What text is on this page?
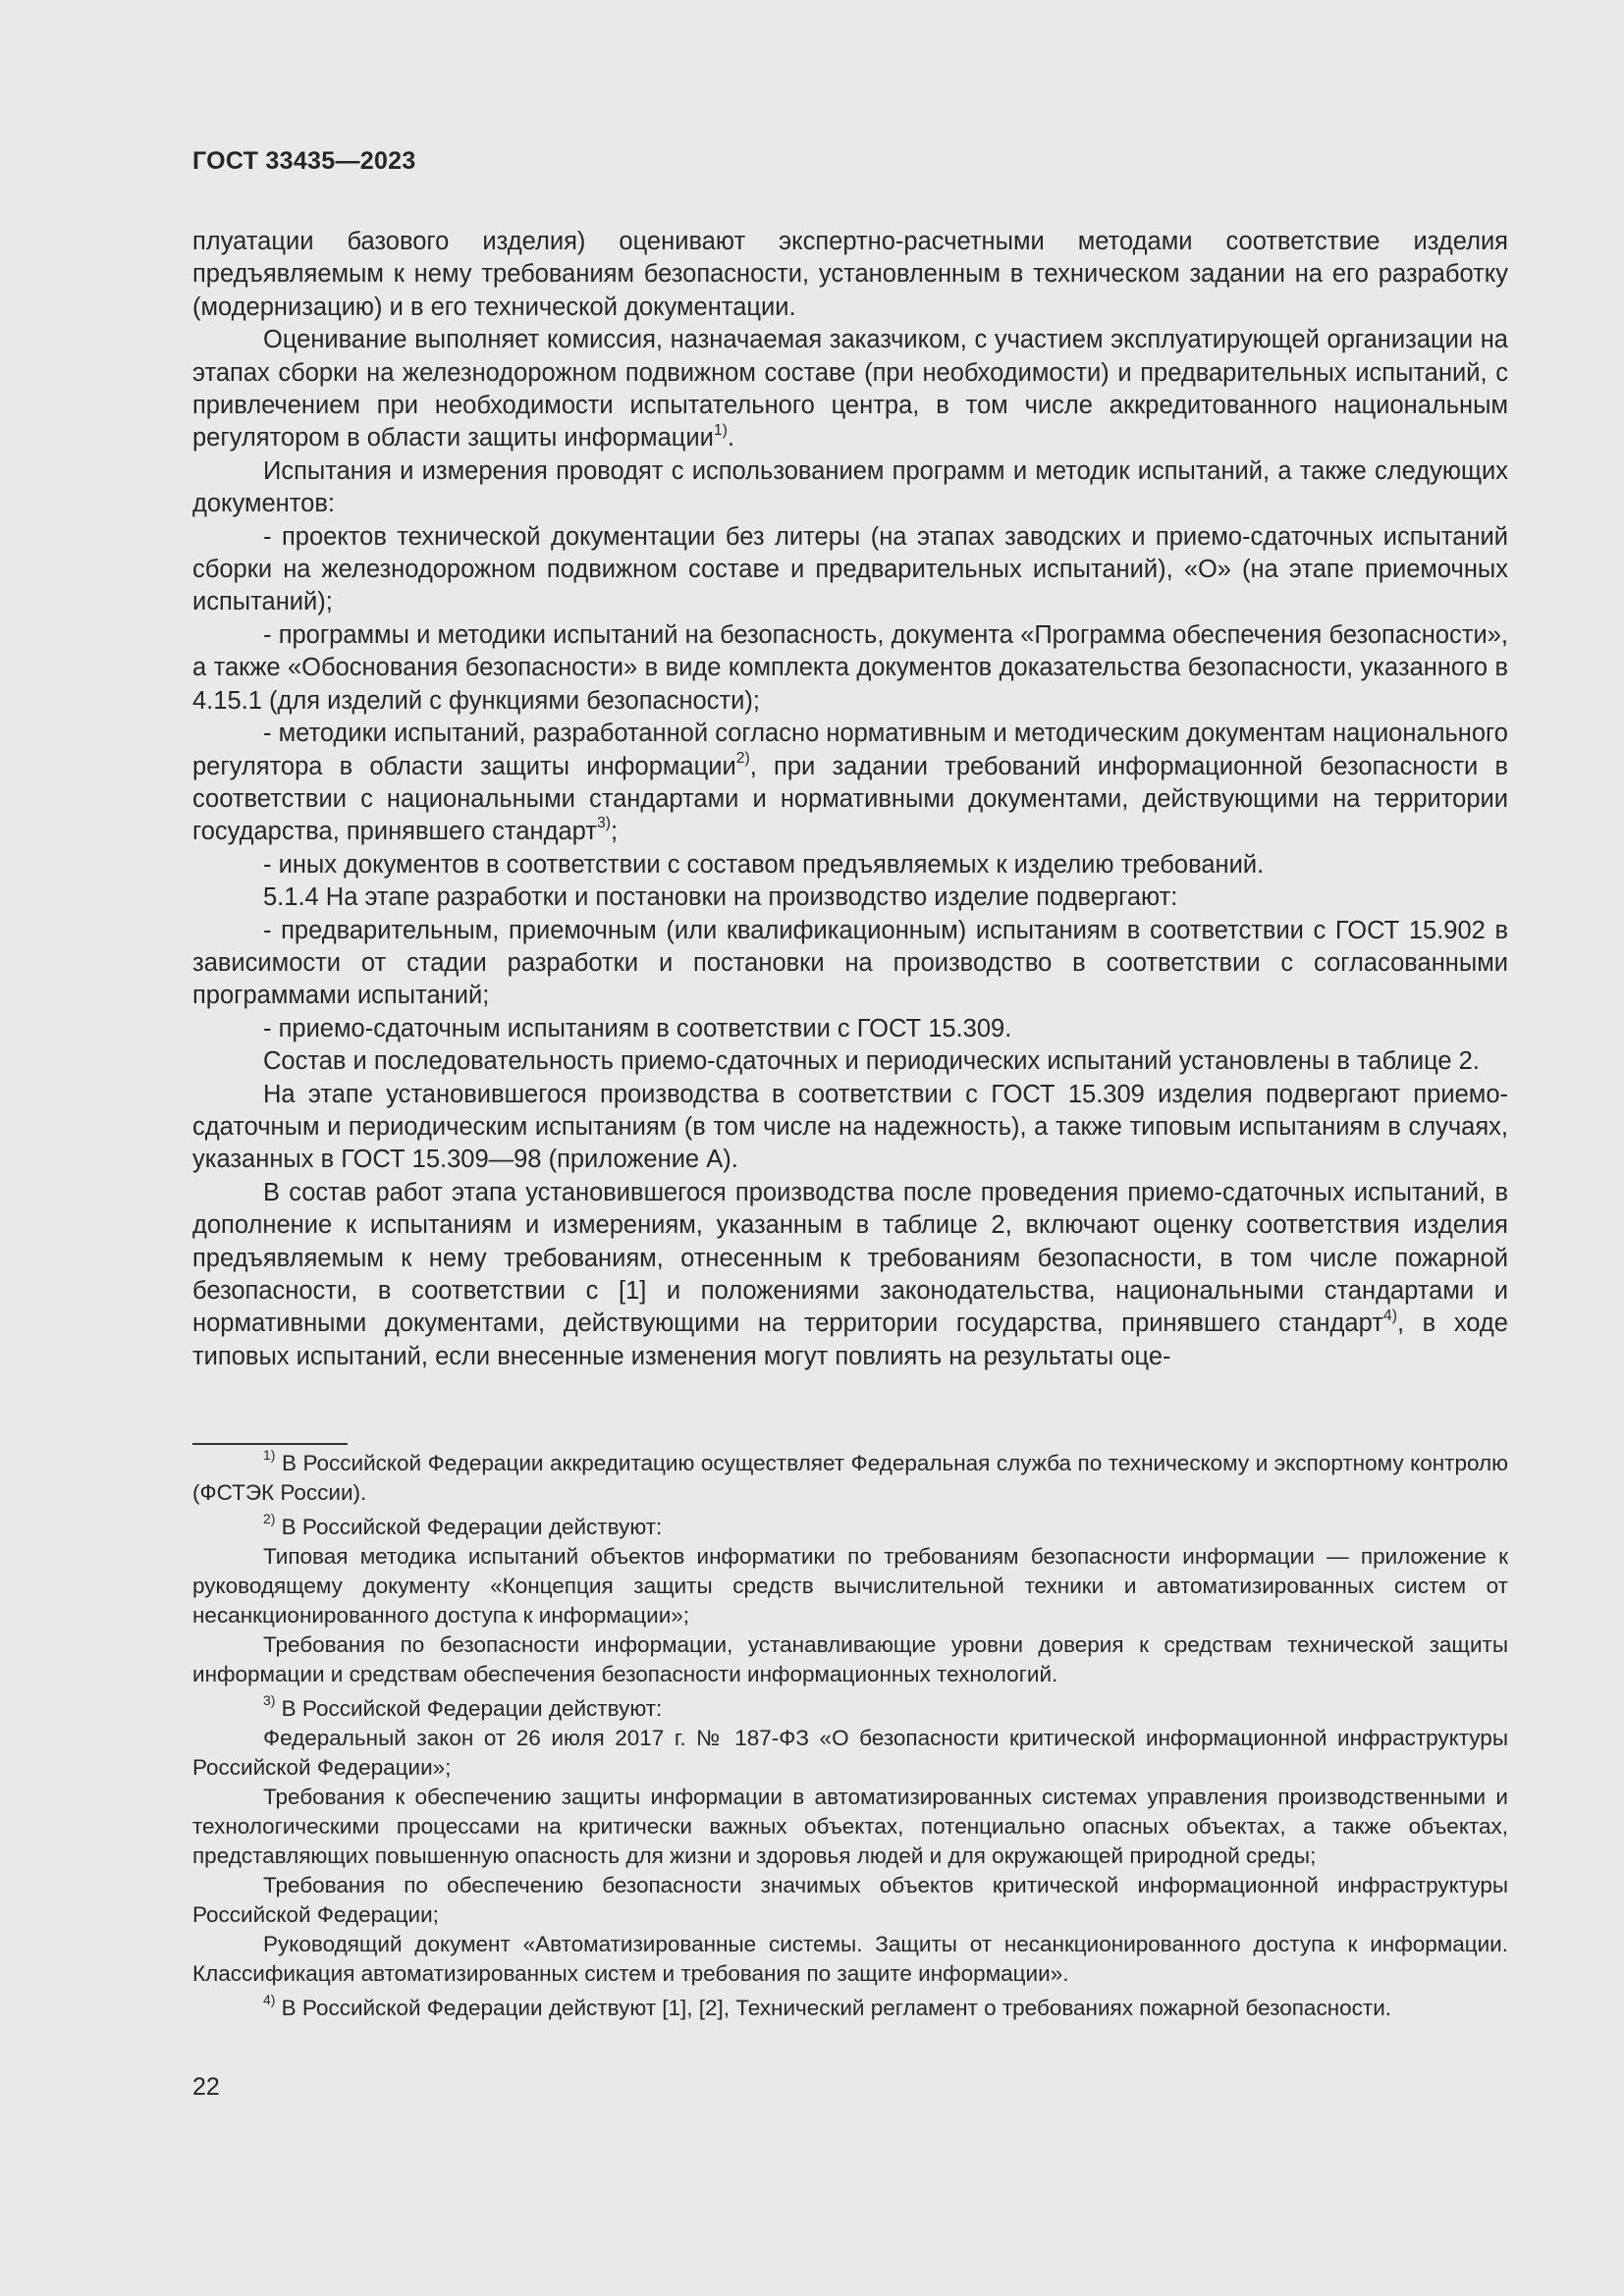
ГОСТ 33435—2023

плуатации базового изделия) оценивают экспертно-расчетными методами соответствие изделия предъявляемым к нему требованиям безопасности, установленным в техническом задании на его разработку (модернизацию) и в его технической документации.

Оценивание выполняет комиссия, назначаемая заказчиком, с участием эксплуатирующей организации на этапах сборки на железнодорожном подвижном составе (при необходимости) и предварительных испытаний, с привлечением при необходимости испытательного центра, в том числе аккредитованного национальным регулятором в области защиты информации$^{1)}$.

Испытания и измерения проводят с использованием программ и методик испытаний, а также следующих документов:

- проектов технической документации без литеры (на этапах заводских и приемо-сдаточных испытаний сборки на железнодорожном подвижном составе и предварительных испытаний), «О» (на этапе приемочных испытаний);

- программы и методики испытаний на безопасность, документа «Программа обеспечения безопасности», а также «Обоснования безопасности» в виде комплекта документов доказательства безопасности, указанного в 4.15.1 (для изделий с функциями безопасности);

- методики испытаний, разработанной согласно нормативным и методическим документам национального регулятора в области защиты информации$^{2)}$, при задании требований информационной безопасности в соответствии с национальными стандартами и нормативными документами, действующими на территории государства, принявшего стандарт$^{3)}$;

- иных документов в соответствии с составом предъявляемых к изделию требований.

5.1.4 На этапе разработки и постановки на производство изделие подвергают:

- предварительным, приемочным (или квалификационным) испытаниям в соответствии с ГОСТ 15.902 в зависимости от стадии разработки и постановки на производство в соответствии с согласованными программами испытаний;

- приемо-сдаточным испытаниям в соответствии с ГОСТ 15.309.

Состав и последовательность приемо-сдаточных и периодических испытаний установлены в таблице 2.

На этапе установившегося производства в соответствии с ГОСТ 15.309 изделия подвергают приемо-сдаточным и периодическим испытаниям (в том числе на надежность), а также типовым испытаниям в случаях, указанных в ГОСТ 15.309—98 (приложение А).

В состав работ этапа установившегося производства после проведения приемо-сдаточных испытаний, в дополнение к испытаниям и измерениям, указанным в таблице 2, включают оценку соответствия изделия предъявляемым к нему требованиям, отнесенным к требованиям безопасности, в том числе пожарной безопасности, в соответствии с [1] и положениями законодательства, национальными стандартами и нормативными документами, действующими на территории государства, принявшего стандарт$^{4)}$, в ходе типовых испытаний, если внесенные изменения могут повлиять на результаты оце-

$^{1)}$ В Российской Федерации аккредитацию осуществляет Федеральная служба по техническому и экспортному контролю (ФСТЭК России).

$^{2)}$ В Российской Федерации действуют:

Типовая методика испытаний объектов информатики по требованиям безопасности информации — приложение к руководящему документу «Концепция защиты средств вычислительной техники и автоматизированных систем от несанкционированного доступа к информации»;

Требования по безопасности информации, устанавливающие уровни доверия к средствам технической защиты информации и средствам обеспечения безопасности информационных технологий.

$^{3)}$ В Российской Федерации действуют:

Федеральный закон от 26 июля 2017 г. № 187-ФЗ «О безопасности критической информационной инфраструктуры Российской Федерации»;

Требования к обеспечению защиты информации в автоматизированных системах управления производственными и технологическими процессами на критически важных объектах, потенциально опасных объектах, а также объектах, представляющих повышенную опасность для жизни и здоровья людей и для окружающей природной среды;

Требования по обеспечению безопасности значимых объектов критической информационной инфраструктуры Российской Федерации;

Руководящий документ «Автоматизированные системы. Защиты от несанкционированного доступа к информации. Классификация автоматизированных систем и требования по защите информации».

$^{4)}$ В Российской Федерации действуют [1], [2], Технический регламент о требованиях пожарной безопасности.

22
